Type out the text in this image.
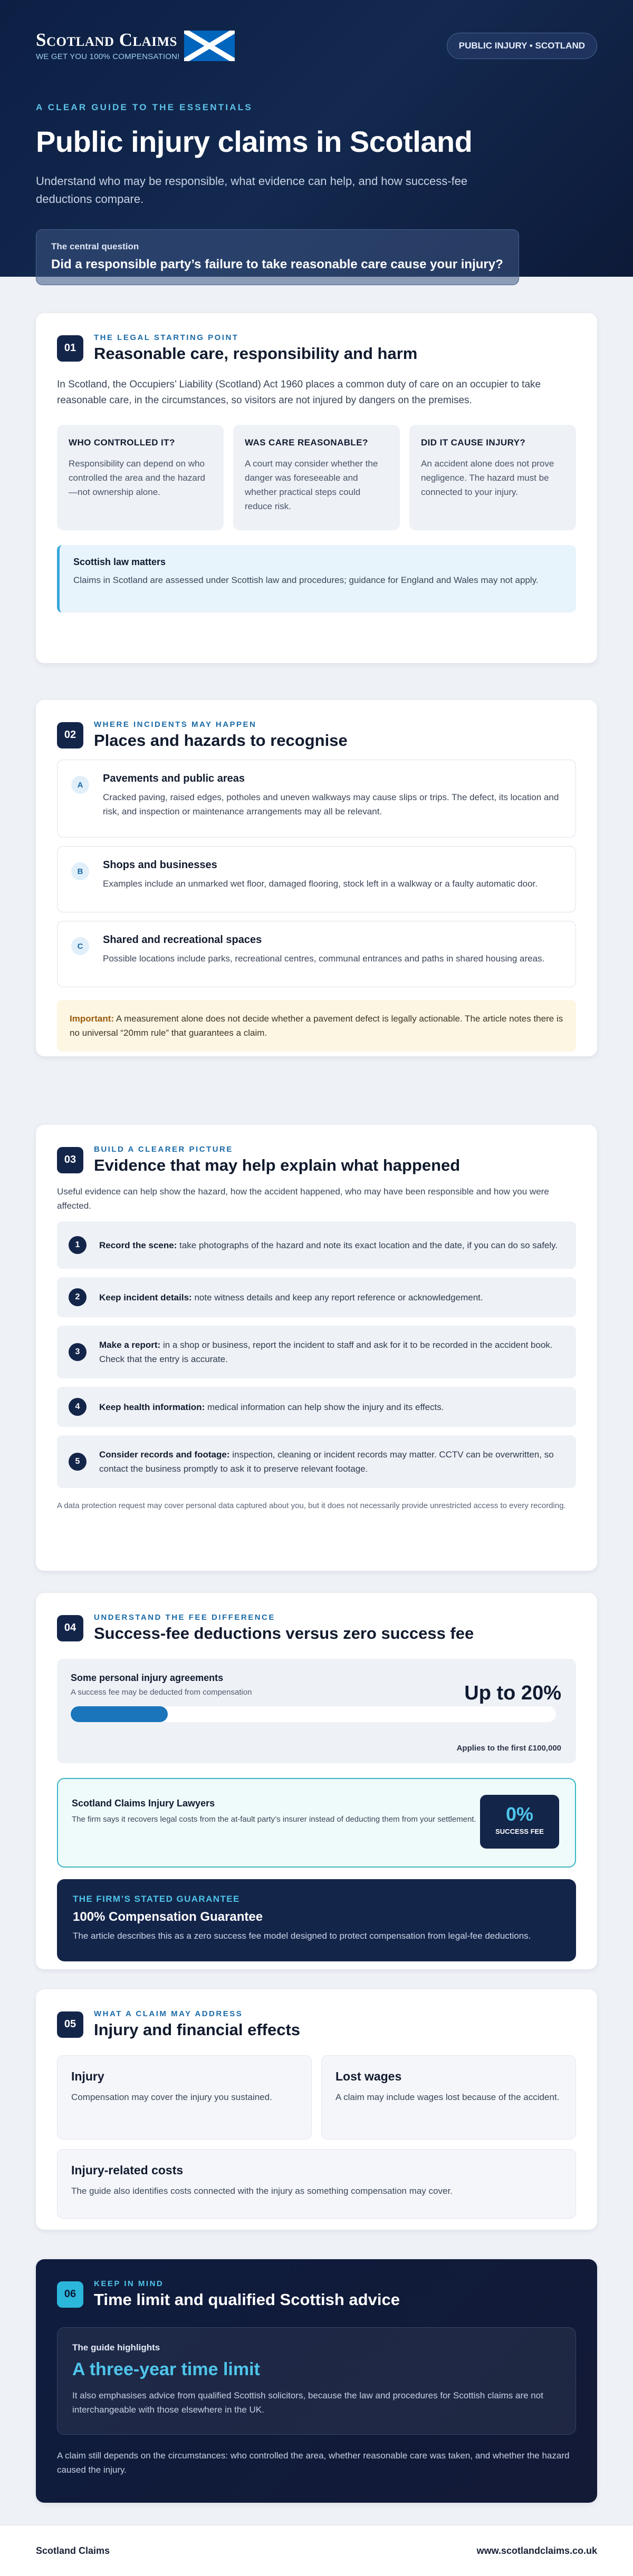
Scotland Claims
WE GET YOU 100% COMPENSATION!
PUBLIC INJURY • SCOTLAND
A CLEAR GUIDE TO THE ESSENTIALS
Public injury claims in Scotland

Understand who may be responsible, what evidence can help, and how success-fee deductions compare.

The central question
Did a responsible party’s failure to take reasonable care cause your injury?
01
THE LEGAL STARTING POINT
Reasonable care, responsibility and harm

In Scotland, the Occupiers’ Liability (Scotland) Act 1960 places a common duty of care on an occupier to take reasonable care, in the circumstances, so visitors are not injured by dangers on the premises.

WHO CONTROLLED IT?

Responsibility can depend on who controlled the area and the hazard—not ownership alone.

WAS CARE REASONABLE?

A court may consider whether the danger was foreseeable and whether practical steps could reduce risk.

DID IT CAUSE INJURY?

An accident alone does not prove negligence. The hazard must be connected to your injury.

Scottish law matters

Claims in Scotland are assessed under Scottish law and procedures; guidance for England and Wales may not apply.

02
WHERE INCIDENTS MAY HAPPEN
Places and hazards to recognise
A
Pavements and public areas

Cracked paving, raised edges, potholes and uneven walkways may cause slips or trips. The defect, its location and risk, and inspection or maintenance arrangements may all be relevant.

B
Shops and businesses

Examples include an unmarked wet floor, damaged flooring, stock left in a walkway or a faulty automatic door.

C
Shared and recreational spaces

Possible locations include parks, recreational centres, communal entrances and paths in shared housing areas.

Important: A measurement alone does not decide whether a pavement defect is legally actionable. The article notes there is no universal “20mm rule” that guarantees a claim.
03
BUILD A CLEARER PICTURE
Evidence that may help explain what happened

Useful evidence can help show the hazard, how the accident happened, who may have been responsible and how you were affected.

1	Record the scene: take photographs of the hazard and note its exact location and the date, if you can do so safely.

2	Keep incident details: note witness details and keep any report reference or acknowledgement.

3

Make a report: in a shop or business, report the incident to staff and ask for it to be recorded in the accident book. Check that the entry is accurate.

4	Keep health information: medical information can help show the injury and its effects.

5

Consider records and footage: inspection, cleaning or incident records may matter. CCTV can be overwritten, so contact the business promptly to ask it to preserve relevant footage.

A data protection request may cover personal data captured about you, but it does not necessarily provide unrestricted access to every recording.

04
UNDERSTAND THE FEE DIFFERENCE
Success-fee deductions versus zero success fee
Some personal injury agreements
A success fee may be deducted from compensation	Up to 20%
Applies to the first £100,000
Scotland Claims Injury Lawyers

The firm says it recovers legal costs from the at-fault party’s insurer instead of deducting them from your settlement.	0%
SUCCESS FEE
THE FIRM’S STATED GUARANTEE
100% Compensation Guarantee

The article describes this as a zero success fee model designed to protect compensation from legal-fee deductions.

05
WHAT A CLAIM MAY ADDRESS
Injury and financial effects
Injury

Compensation may cover the injury you sustained.

Lost wages

A claim may include wages lost because of the accident.

Injury-related costs

The guide also identifies costs connected with the injury as something compensation may cover.

06
KEEP IN MIND
Time limit and qualified Scottish advice
The guide highlights
A three-year time limit

It also emphasises advice from qualified Scottish solicitors, because the law and procedures for Scottish claims are not interchangeable with those elsewhere in the UK.

A claim still depends on the circumstances: who controlled the area, whether reasonable care was taken, and whether the hazard caused the injury.

Scotland Claims	www.scotlandclaims.co.uk
